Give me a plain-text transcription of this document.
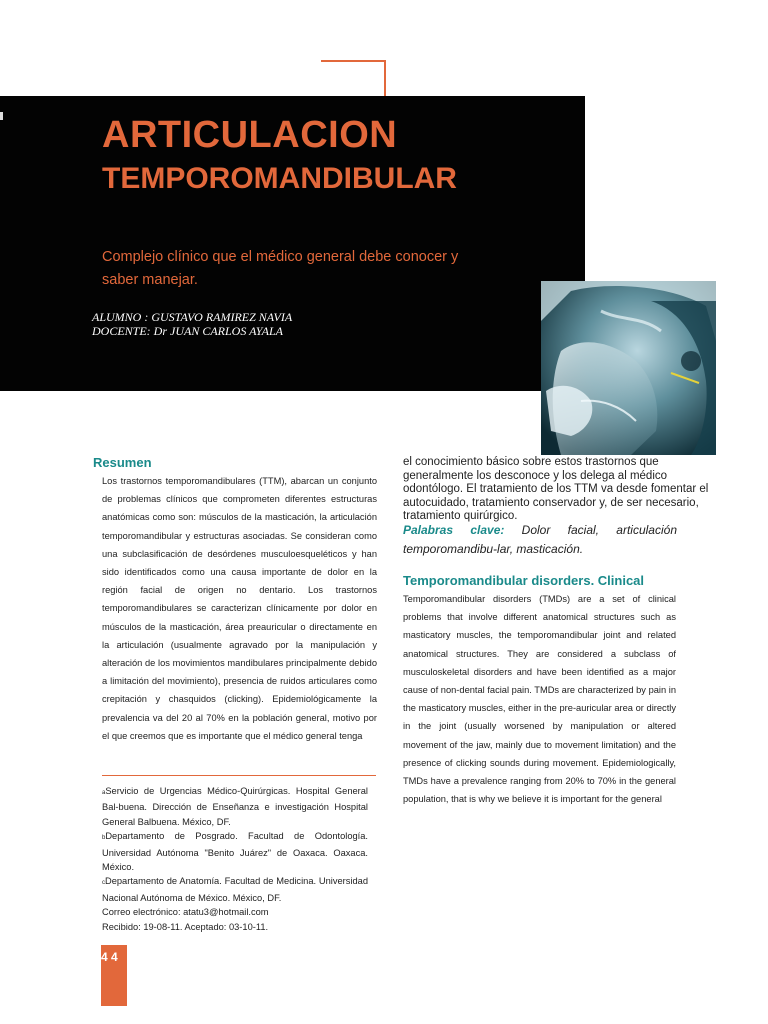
ARTICULACION
TEMPOROMANDIBULAR
Complejo clínico que el médico general debe conocer y saber manejar.
ALUMNO : GUSTAVO RAMIREZ NAVIA
DOCENTE: Dr JUAN CARLOS AYALA
Resumen
Los trastornos temporomandibulares (TTM), abarcan un conjunto de problemas clínicos que comprometen diferentes estructuras anatómicas como son: músculos de la masticación, la articulación temporomandibular y estructuras asociadas. Se consideran como una subclasificación de desórdenes musculoesqueléticos y han sido identificados como una causa importante de dolor en la región facial de origen no dentario. Los trastornos temporomandibulares se caracterizan clínicamente por dolor en músculos de la masticación, área preauricular o directamente en la articulación (usualmente agravado por la manipulación y alteración de los movimientos mandibulares principalmente debido a limitación del movimiento), presencia de ruidos articulares como crepitación y chasquidos (clicking). Epidemiológicamente la prevalencia va del 20 al 70% en la población general, motivo por el que creemos que es importante que el médico general tenga
el conocimiento básico sobre estos trastornos que generalmente los desconoce y los delega al médico odontólogo. El tratamiento de los TTM va desde fomentar el autocuidado, tratamiento conservador y, de ser necesario, tratamiento quirúrgico.
Palabras clave: Dolor facial, articulación temporomandibu-lar, masticación.
Temporomandibular disorders. Clinical
Temporomandibular disorders (TMDs) are a set of clinical problems that involve different anatomical structures such as masticatory muscles, the temporomandibular joint and related anatomical structures. They are considered a subclass of musculoskeletal disorders and have been identified as a major cause of non-dental facial pain. TMDs are characterized by pain in the masticatory muscles, either in the pre-auricular area or directly in the joint (usually worsened by manipulation or altered movement of the jaw, mainly due to movement limitation) and the presence of clicking sounds during movement. Epidemiologically, TMDs have a prevalence ranging from 20% to 70% in the general population, that is why we believe it is important for the general
aServicio de Urgencias Médico-Quirúrgicas. Hospital General Bal-buena. Dirección de Enseñanza e investigación Hospital General Balbuena. México, DF.
bDepartamento de Posgrado. Facultad de Odontología. Universidad Autónoma "Benito Juárez" de Oaxaca. Oaxaca. México.
cDepartamento de Anatomía. Facultad de Medicina. Universidad Nacional Autónoma de México. México, DF.
Correo electrónico: atatu3@hotmail.com
Recibido: 19-08-11. Aceptado: 03-10-11.
4 4
